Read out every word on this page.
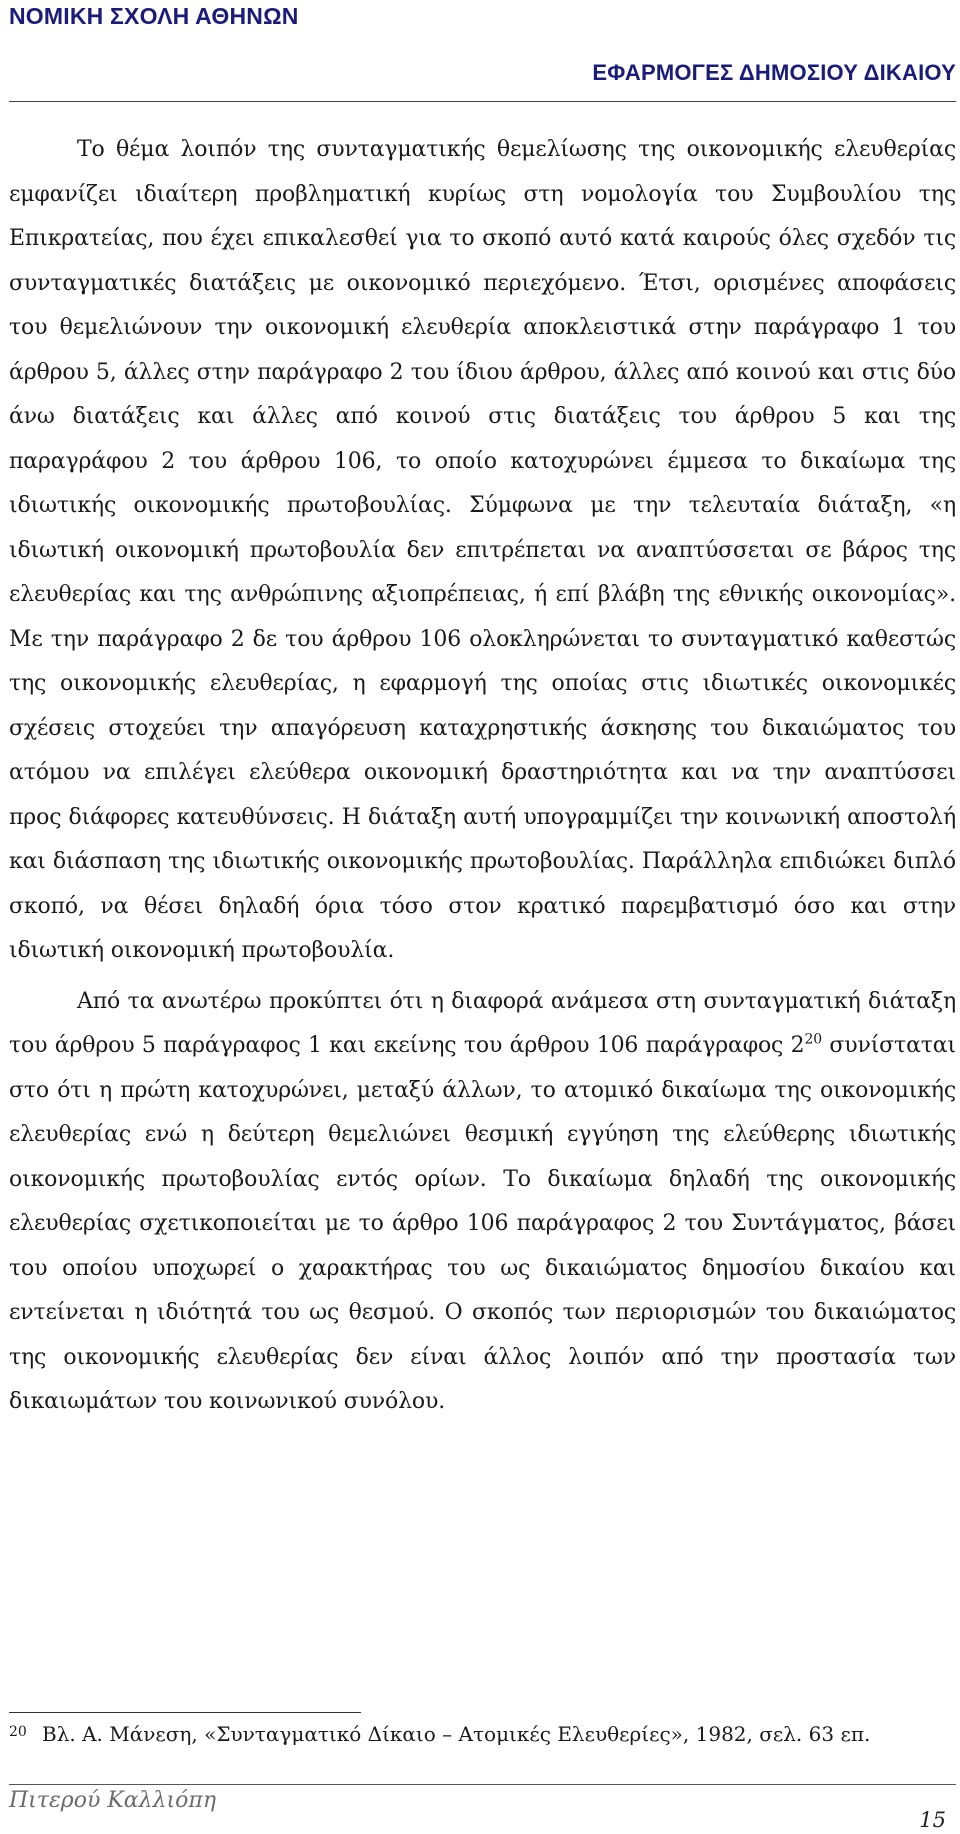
ΝΟΜΙΚΗ ΣΧΟΛΗ ΑΘΗΝΩΝ
ΕΦΑΡΜΟΓΕΣ ΔΗΜΟΣΙΟΥ ΔΙΚΑΙΟΥ

Το θέμα λοιπόν της συνταγματικής θεμελίωσης της οικονομικής ελευθερίας εμφανίζει ιδιαίτερη προβληματική κυρίως στη νομολογία του Συμβουλίου της Επικρατείας, που έχει επικαλεσθεί για το σκοπό αυτό κατά καιρούς όλες σχεδόν τις συνταγματικές διατάξεις με οικονομικό περιεχόμενο. Έτσι, ορισμένες αποφάσεις του θεμελιώνουν την οικονομική ελευθερία αποκλειστικά στην παράγραφο 1 του άρθρου 5, άλλες στην παράγραφο 2 του ίδιου άρθρου, άλλες από κοινού και στις δύο άνω διατάξεις και άλλες από κοινού στις διατάξεις του άρθρου 5 και της παραγράφου 2 του άρθρου 106, το οποίο κατοχυρώνει έμμεσα το δικαίωμα της ιδιωτικής οικονομικής πρωτοβουλίας. Σύμφωνα με την τελευταία διάταξη, «η ιδιωτική οικονομική πρωτοβουλία δεν επιτρέπεται να αναπτύσσεται σε βάρος της ελευθερίας και της ανθρώπινης αξιοπρέπειας, ή επί βλάβη της εθνικής οικονομίας». Με την παράγραφο 2 δε του άρθρου 106 ολοκληρώνεται το συνταγματικό καθεστώς της οικονομικής ελευθερίας, η εφαρμογή της οποίας στις ιδιωτικές οικονομικές σχέσεις στοχεύει την απαγόρευση καταχρηστικής άσκησης του δικαιώματος του ατόμου να επιλέγει ελεύθερα οικονομική δραστηριότητα και να την αναπτύσσει προς διάφορες κατευθύνσεις. Η διάταξη αυτή υπογραμμίζει την κοινωνική αποστολή και διάσπαση της ιδιωτικής οικονομικής πρωτοβουλίας. Παράλληλα επιδιώκει διπλό σκοπό, να θέσει δηλαδή όρια τόσο στον κρατικό παρεμβατισμό όσο και στην ιδιωτική οικονομική πρωτοβουλία.

Από τα ανωτέρω προκύπτει ότι η διαφορά ανάμεσα στη συνταγματική διάταξη του άρθρου 5 παράγραφος 1 και εκείνης του άρθρου 106 παράγραφος $2^{20}$ συνίσταται στο ότι η πρώτη κατοχυρώνει, μεταξύ άλλων, το ατομικό δικαίωμα της οικονομικής ελευθερίας ενώ η δεύτερη θεμελιώνει θεσμική εγγύηση της ελεύθερης ιδιωτικής οικονομικής πρωτοβουλίας εντός ορίων. Το δικαίωμα δηλαδή της οικονομικής ελευθερίας σχετικοποιείται με το άρθρο 106 παράγραφος 2 του Συντάγματος, βάσει του οποίου υποχωρεί ο χαρακτήρας του ως δικαιώματος δημοσίου δικαίου και εντείνεται η ιδιότητά του ως θεσμού. Ο σκοπός των περιορισμών του δικαιώματος της οικονομικής ελευθερίας δεν είναι άλλος λοιπόν από την προστασία των δικαιωμάτων του κοινωνικού συνόλου.

20 Βλ. Α. Μάνεση, «Συνταγματικό Δίκαιο – Ατομικές Ελευθερίες», 1982, σελ. 63 επ.
Πιτερού Καλλιόπη
15
